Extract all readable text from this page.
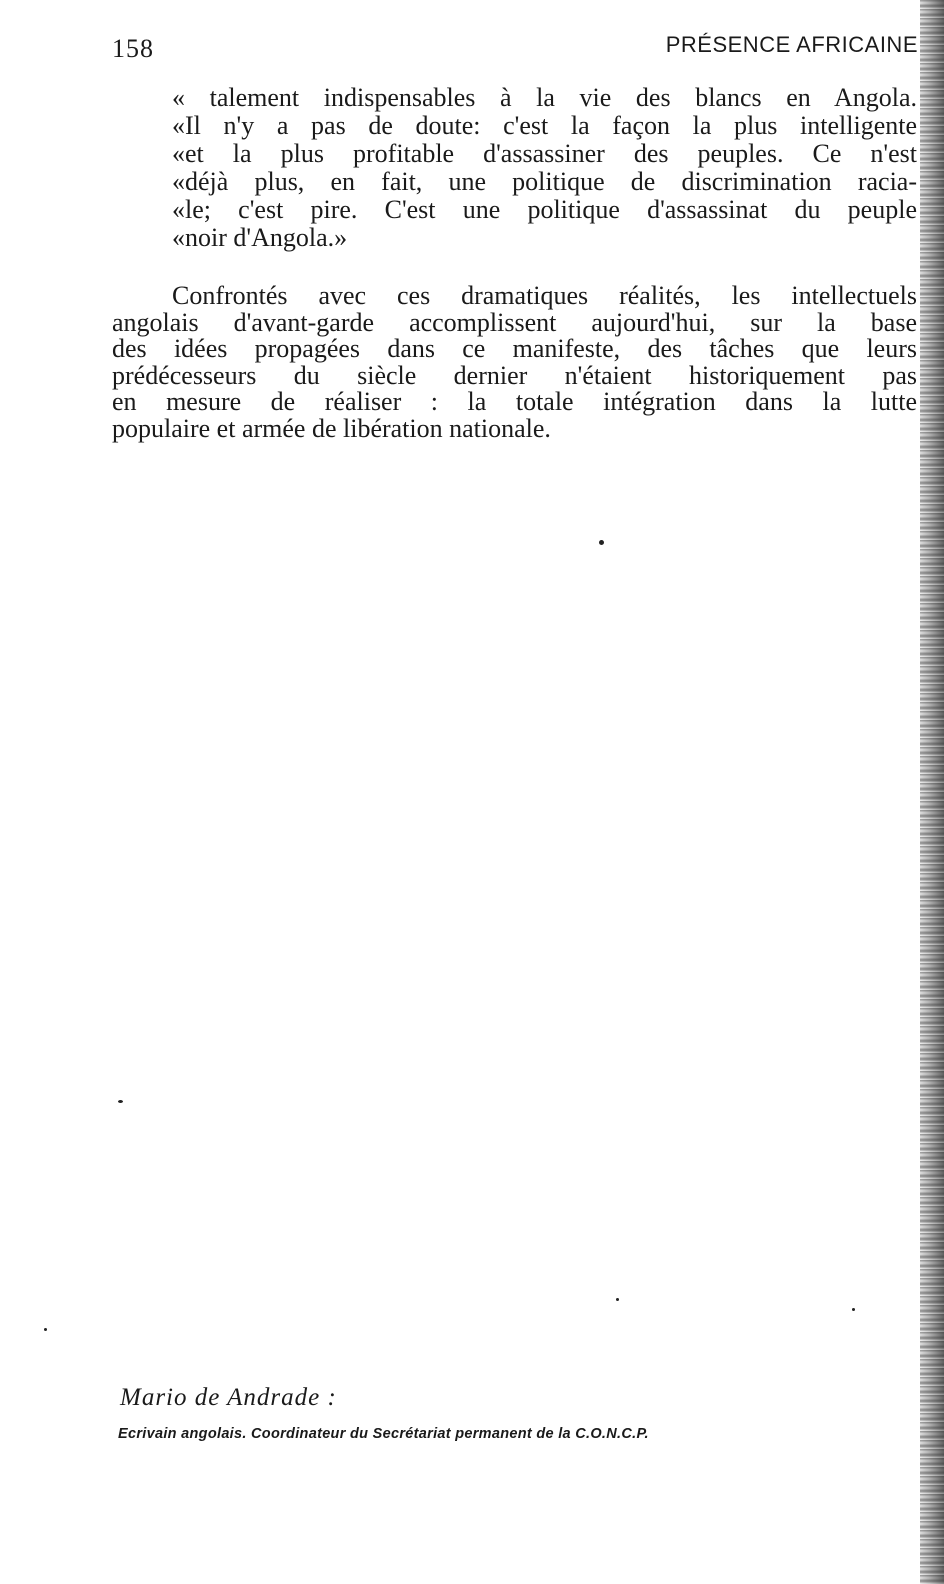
158	PRÉSENCE AFRICAINE
« talement indispensables à la vie des blancs en Angola.
«Il n'y a pas de doute: c'est la façon la plus intelligente
«et la plus profitable d'assassiner des peuples. Ce n'est
«déjà plus, en fait, une politique de discrimination racia-
«le; c'est pire. C'est une politique d'assassinat du peuple
«noir d'Angola.»
Confrontés avec ces dramatiques réalités, les intellectuels
angolais d'avant-garde accomplissent aujourd'hui, sur la base
des idées propagées dans ce manifeste, des tâches que leurs
prédécesseurs du siècle dernier n'étaient historiquement pas
en mesure de réaliser : la totale intégration dans la lutte
populaire et armée de libération nationale.
Mario de Andrade :
Ecrivain angolais. Coordinateur du Secrétariat permanent de la C.O.N.C.P.
